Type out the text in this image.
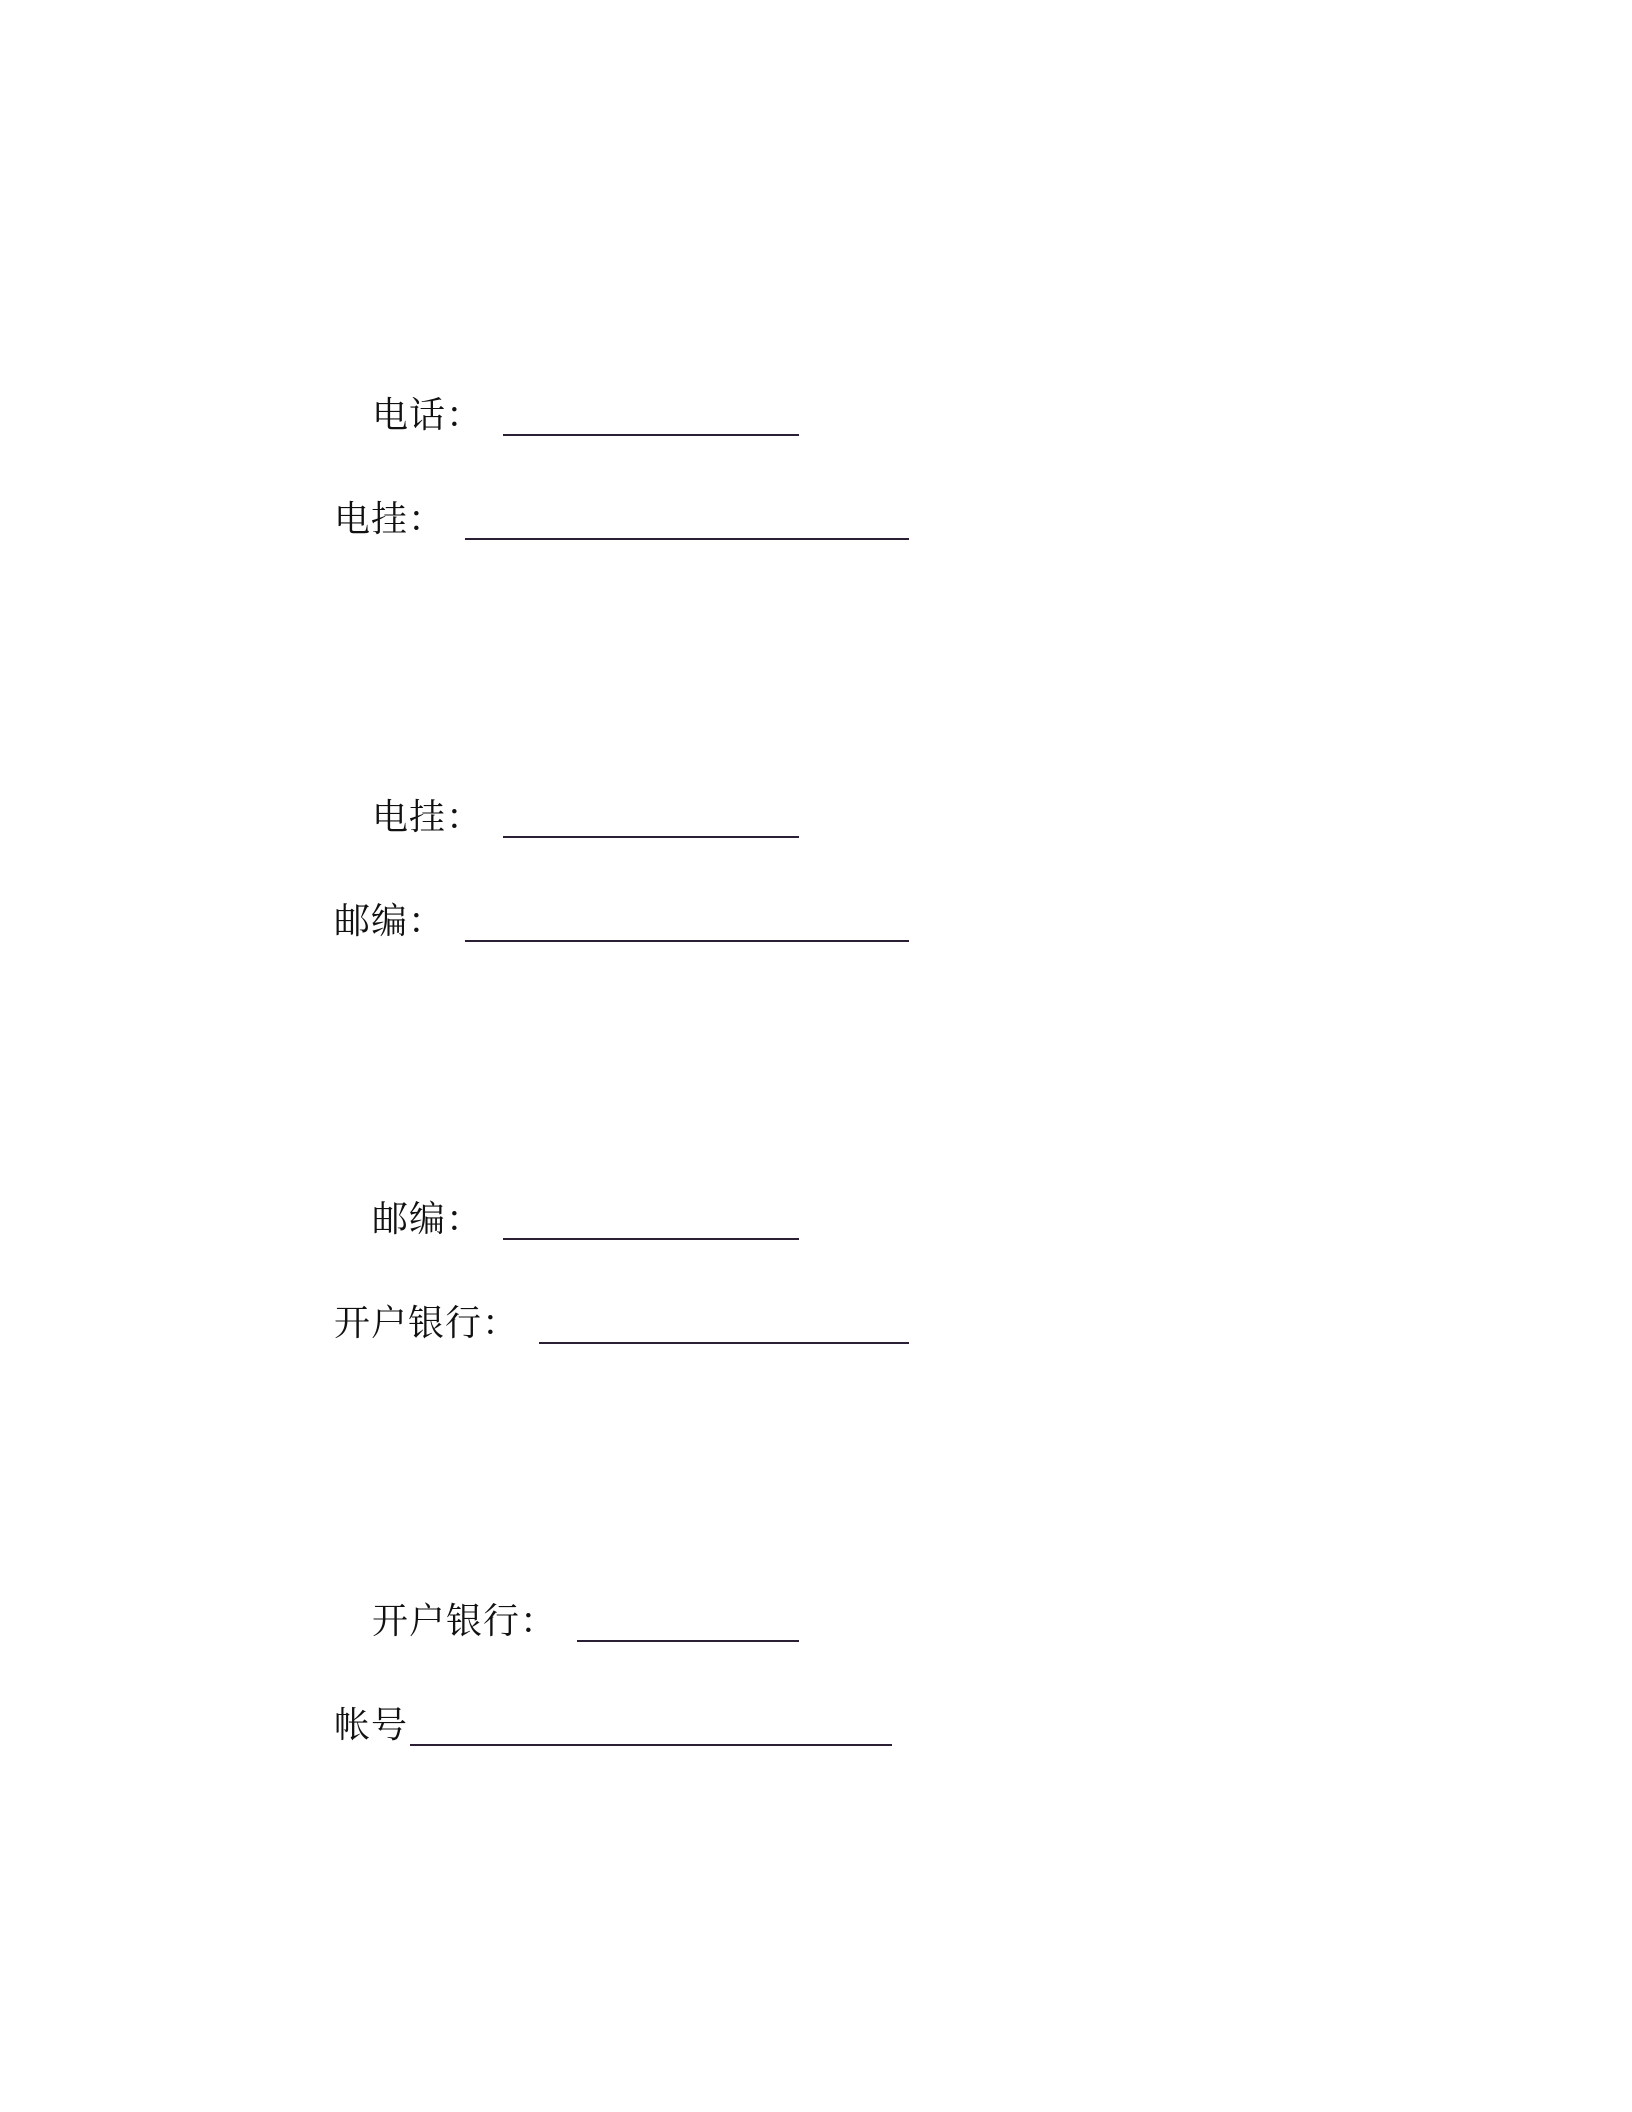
电话：
电挂：
电挂：
邮编：
邮编：
开户银行：
开户银行：
帐号
